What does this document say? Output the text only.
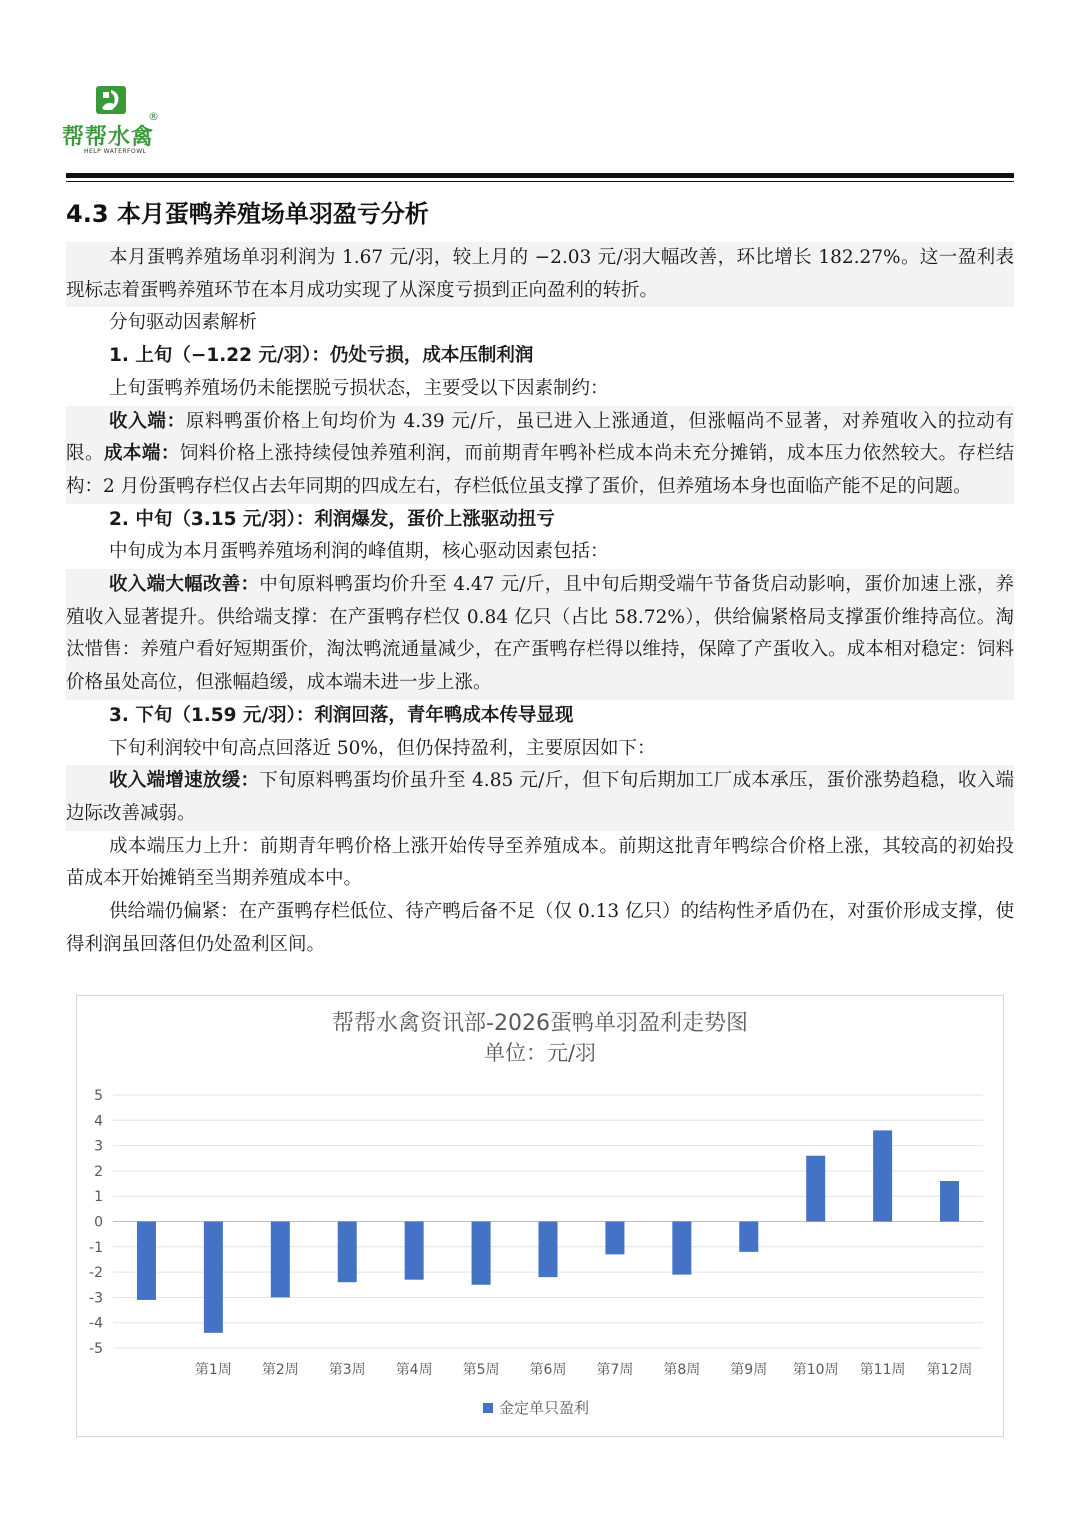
®
帮帮水禽
HELP WATERFOWL
4.3 本月蛋鸭养殖场单羽盈亏分析

本月蛋鸭养殖场单羽利润为 1.67 元/羽，较上月的 −2.03 元/羽大幅改善，环比增长 182.27%。这一盈利表现标志着蛋鸭养殖环节在本月成功实现了从深度亏损到正向盈利的转折。

分旬驱动因素解析

1. 上旬（−1.22 元/羽）：仍处亏损，成本压制利润

上旬蛋鸭养殖场仍未能摆脱亏损状态，主要受以下因素制约：

收入端：原料鸭蛋价格上旬均价为 4.39 元/斤，虽已进入上涨通道，但涨幅尚不显著，对养殖收入的拉动有限。成本端：饲料价格上涨持续侵蚀养殖利润，而前期青年鸭补栏成本尚未充分摊销，成本压力依然较大。存栏结构：2 月份蛋鸭存栏仅占去年同期的四成左右，存栏低位虽支撑了蛋价，但养殖场本身也面临产能不足的问题。

2. 中旬（3.15 元/羽）：利润爆发，蛋价上涨驱动扭亏

中旬成为本月蛋鸭养殖场利润的峰值期，核心驱动因素包括：

收入端大幅改善：中旬原料鸭蛋均价升至 4.47 元/斤，且中旬后期受端午节备货启动影响，蛋价加速上涨，养殖收入显著提升。供给端支撑：在产蛋鸭存栏仅 0.84 亿只（占比 58.72%），供给偏紧格局支撑蛋价维持高位。淘汰惜售：养殖户看好短期蛋价，淘汰鸭流通量减少，在产蛋鸭存栏得以维持，保障了产蛋收入。成本相对稳定：饲料价格虽处高位，但涨幅趋缓，成本端未进一步上涨。

3. 下旬（1.59 元/羽）：利润回落，青年鸭成本传导显现

下旬利润较中旬高点回落近 50%，但仍保持盈利，主要原因如下：

收入端增速放缓：下旬原料鸭蛋均价虽升至 4.85 元/斤，但下旬后期加工厂成本承压，蛋价涨势趋稳，收入端边际改善减弱。

成本端压力上升：前期青年鸭价格上涨开始传导至养殖成本。前期这批青年鸭综合价格上涨，其较高的初始投苗成本开始摊销至当期养殖成本中。

供给端仍偏紧：在产蛋鸭存栏低位、待产鸭后备不足（仅 0.13 亿只）的结构性矛盾仍在，对蛋价形成支撑，使得利润虽回落但仍处盈利区间。

帮帮水禽资讯部-2026蛋鸭单羽盈利走势图
单位：元/羽
5
4
3
2
1
0
-1
-2
-3
-4
-5
第1周 第2周 第3周 第4周 第5周 第6周 第7周 第8周 第9周 第10周 第11周 第12周
金定单只盈利
